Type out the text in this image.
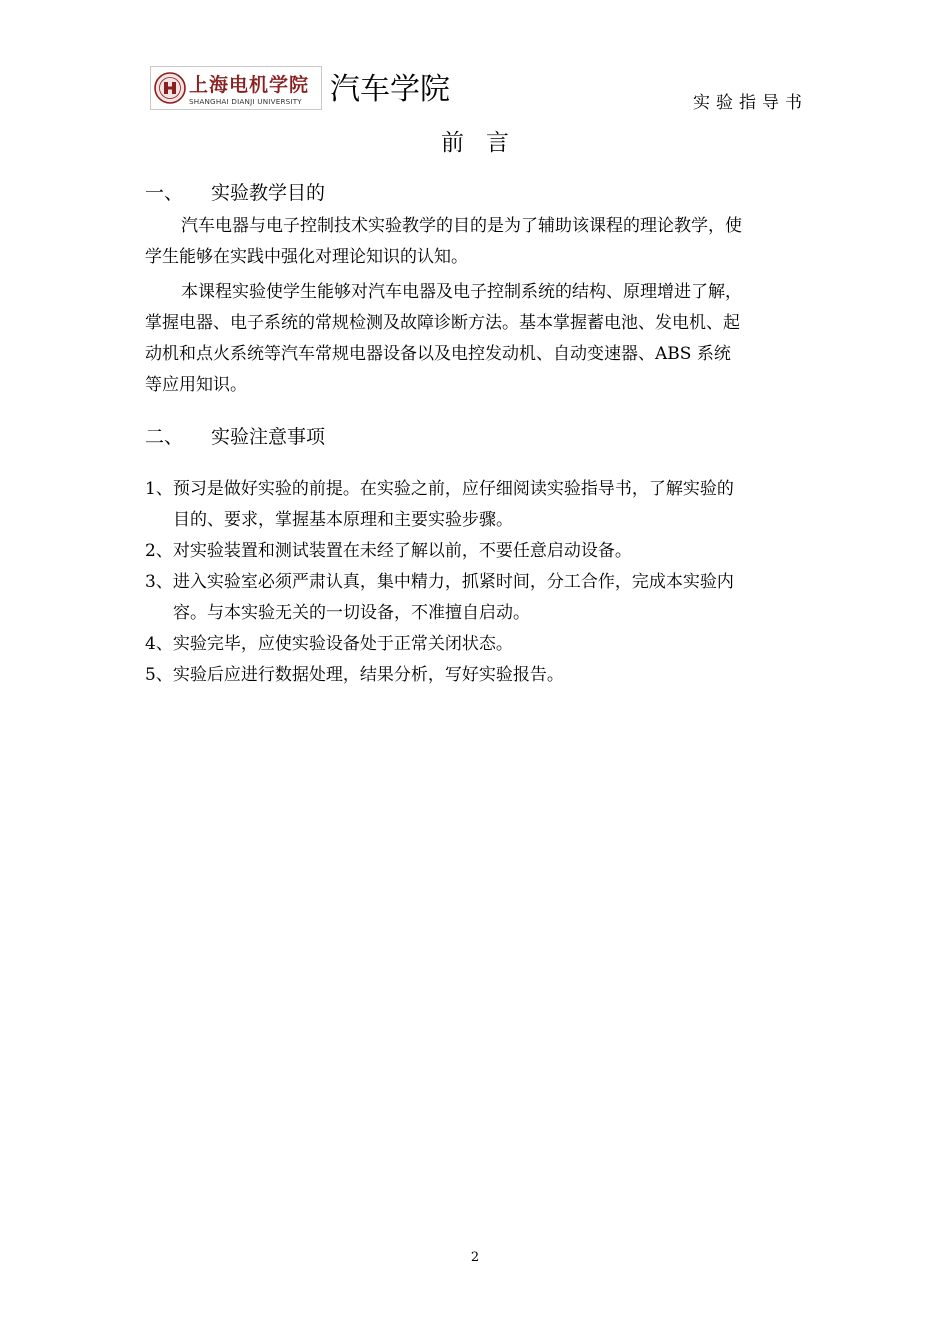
上海电机学院
SHANGHAI DIANJI UNIVERSITY 汽车学院	实验指导书
前言
一、 实验教学目的
汽车电器与电子控制技术实验教学的目的是为了辅助该课程的理论教学，使
学生能够在实践中强化对理论知识的认知。
本课程实验使学生能够对汽车电器及电子控制系统的结构、原理增进了解，
掌握电器、电子系统的常规检测及故障诊断方法。基本掌握蓄电池、发电机、起
动机和点火系统等汽车常规电器设备以及电控发动机、自动变速器、ABS 系统
等应用知识。
二、 实验注意事项
1、预习是做好实验的前提。在实验之前，应仔细阅读实验指导书，了解实验的
目的、要求，掌握基本原理和主要实验步骤。
2、对实验装置和测试装置在未经了解以前，不要任意启动设备。
3、进入实验室必须严肃认真，集中精力，抓紧时间，分工合作，完成本实验内
容。与本实验无关的一切设备，不准擅自启动。
4、实验完毕，应使实验设备处于正常关闭状态。
5、实验后应进行数据处理，结果分析，写好实验报告。
2
